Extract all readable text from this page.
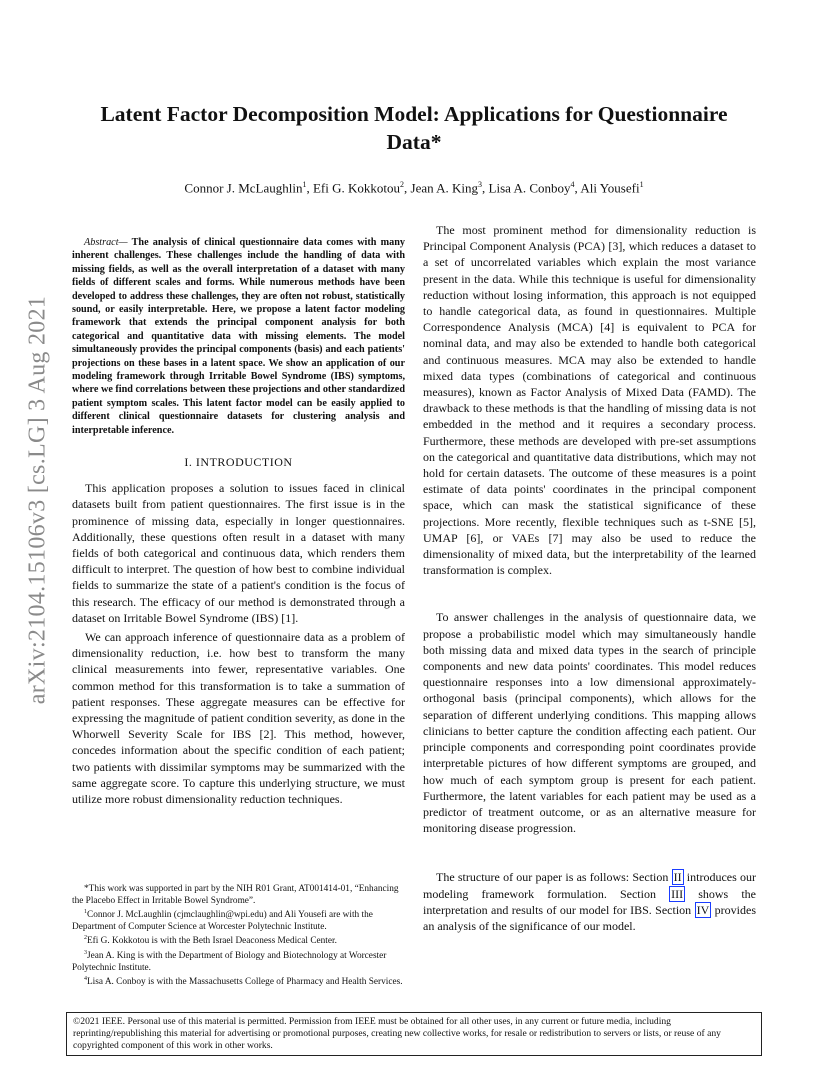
arXiv:2104.15106v3 [cs.LG] 3 Aug 2021
Latent Factor Decomposition Model: Applications for Questionnaire Data*
Connor J. McLaughlin$^1$, Efi G. Kokkotou$^2$, Jean A. King$^3$, Lisa A. Conboy$^4$, Ali Yousefi$^1$

Abstract— The analysis of clinical questionnaire data comes with many inherent challenges. These challenges include the handling of data with missing fields, as well as the overall interpretation of a dataset with many fields of different scales and forms. While numerous methods have been developed to address these challenges, they are often not robust, statistically sound, or easily interpretable. Here, we propose a latent factor modeling framework that extends the principal component analysis for both categorical and quantitative data with missing elements. The model simultaneously provides the principal components (basis) and each patients' projections on these bases in a latent space. We show an application of our modeling framework through Irritable Bowel Syndrome (IBS) symptoms, where we find correlations between these projections and other standardized patient symptom scales. This latent factor model can be easily applied to different clinical questionnaire datasets for clustering analysis and interpretable inference.

I. INTRODUCTION

This application proposes a solution to issues faced in clinical datasets built from patient questionnaires. The first issue is in the prominence of missing data, especially in longer questionnaires. Additionally, these questions often result in a dataset with many fields of both categorical and continuous data, which renders them difficult to interpret. The question of how best to combine individual fields to summarize the state of a patient's condition is the focus of this research. The efficacy of our method is demonstrated through a dataset on Irritable Bowel Syndrome (IBS) [1].

We can approach inference of questionnaire data as a problem of dimensionality reduction, i.e. how best to transform the many clinical measurements into fewer, representative variables. One common method for this transformation is to take a summation of patient responses. These aggregate measures can be effective for expressing the magnitude of patient condition severity, as done in the Whorwell Severity Scale for IBS [2]. This method, however, concedes information about the specific condition of each patient; two patients with dissimilar symptoms may be summarized with the same aggregate score. To capture this underlying structure, we must utilize more robust dimensionality reduction techniques.

*This work was supported in part by the NIH R01 Grant, AT001414-01, “Enhancing the Placebo Effect in Irritable Bowel Syndrome”.

$^1$Connor J. McLaughlin (cjmclaughlin@wpi.edu) and Ali Yousefi are with the Department of Computer Science at Worcester Polytechnic Institute.

$^2$Efi G. Kokkotou is with the Beth Israel Deaconess Medical Center.

$^3$Jean A. King is with the Department of Biology and Biotechnology at Worcester Polytechnic Institute.

$^4$Lisa A. Conboy is with the Massachusetts College of Pharmacy and Health Services.

The most prominent method for dimensionality reduction is Principal Component Analysis (PCA) [3], which reduces a dataset to a set of uncorrelated variables which explain the most variance present in the data. While this technique is useful for dimensionality reduction without losing information, this approach is not equipped to handle categorical data, as found in questionnaires. Multiple Correspondence Analysis (MCA) [4] is equivalent to PCA for nominal data, and may also be extended to handle both categorical and continuous measures. MCA may also be extended to handle mixed data types (combinations of categorical and continuous measures), known as Factor Analysis of Mixed Data (FAMD). The drawback to these methods is that the handling of missing data is not embedded in the method and it requires a secondary process. Furthermore, these methods are developed with pre-set assumptions on the categorical and quantitative data distributions, which may not hold for certain datasets. The outcome of these measures is a point estimate of data points' coordinates in the principal component space, which can mask the statistical significance of these projections. More recently, flexible techniques such as t-SNE [5], UMAP [6], or VAEs [7] may also be used to reduce the dimensionality of mixed data, but the interpretability of the learned transformation is complex.

To answer challenges in the analysis of questionnaire data, we propose a probabilistic model which may simultaneously handle both missing data and mixed data types in the search of principle components and new data points' coordinates. This model reduces questionnaire responses into a low dimensional approximately-orthogonal basis (principal components), which allows for the separation of different underlying conditions. This mapping allows clinicians to better capture the condition affecting each patient. Our principle components and corresponding point coordinates provide interpretable pictures of how different symptoms are grouped, and how much of each symptom group is present for each patient. Furthermore, the latent variables for each patient may be used as a predictor of treatment outcome, or as an alternative measure for monitoring disease progression.

The structure of our paper is as follows: Section II introduces our modeling framework formulation. Section III shows the interpretation and results of our model for IBS. Section IV provides an analysis of the significance of our model.

©2021 IEEE. Personal use of this material is permitted. Permission from IEEE must be obtained for all other uses, in any current or future media, including reprinting/republishing this material for advertising or promotional purposes, creating new collective works, for resale or redistribution to servers or lists, or reuse of any copyrighted component of this work in other works.
